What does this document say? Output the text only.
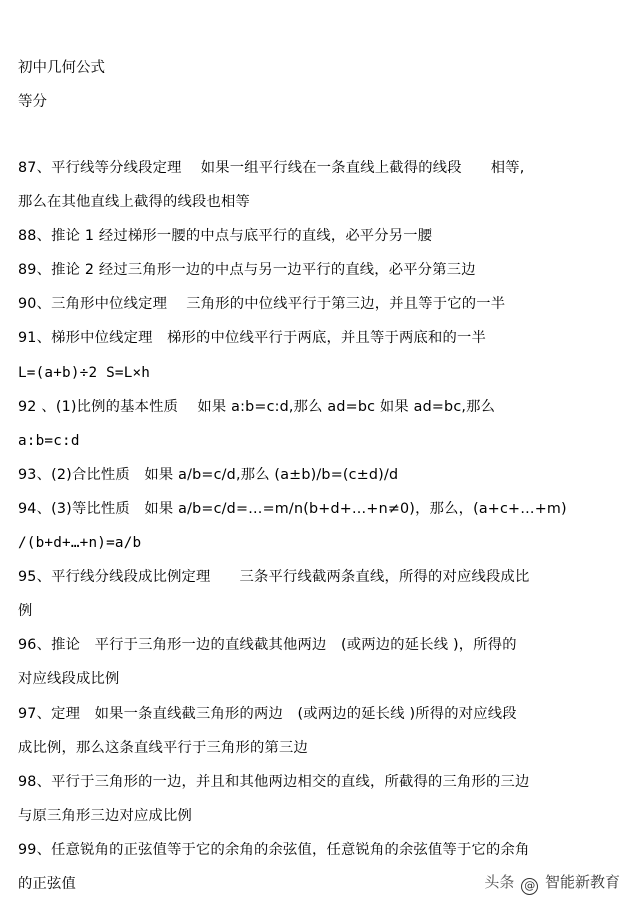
初中几何公式
等分
87、平行线等分线段定理　 如果一组平行线在一条直线上截得的线段　　相等,
那么在其他直线上截得的线段也相等
88、推论 1 经过梯形一腰的中点与底平行的直线，必平分另一腰
89、推论 2 经过三角形一边的中点与另一边平行的直线，必平分第三边
90、三角形中位线定理　 三角形的中位线平行于第三边，并且等于它的一半
91、梯形中位线定理　梯形的中位线平行于两底，并且等于两底和的一半
L=(a+b)÷2 S=L×h
92 、(1)比例的基本性质　 如果 a:b=c:d,那么 ad=bc 如果 ad=bc,那么
a:b=c:d
93、(2)合比性质　如果 a/b=c/d,那么 (a±b)/b=(c±d)/d
94、(3)等比性质　如果 a/b=c/d=…=m/n(b+d+…+n≠0)，那么，(a+c+…+m)
/(b+d+…+n)=a/b
95、平行线分线段成比例定理　　三条平行线截两条直线，所得的对应线段成比
例
96、推论　平行于三角形一边的直线截其他两边　(或两边的延长线 )，所得的
对应线段成比例
97、定理　如果一条直线截三角形的两边　(或两边的延长线 )所得的对应线段
成比例，那么这条直线平行于三角形的第三边
98、平行于三角形的一边，并且和其他两边相交的直线，所截得的三角形的三边
与原三角形三边对应成比例
99、任意锐角的正弦值等于它的余角的余弦值，任意锐角的余弦值等于它的余角
的正弦值	头条 @ 智能新教育
